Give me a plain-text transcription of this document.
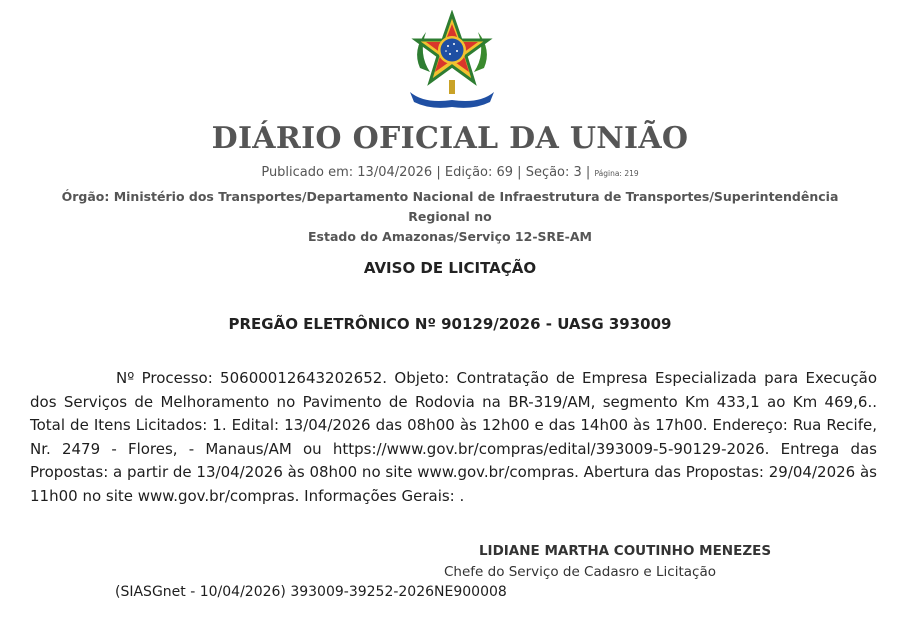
DIÁRIO OFICIAL DA UNIÃO
Publicado em: 13/04/2026 | Edição: 69 | Seção: 3 | Página: 219
Órgão: Ministério dos Transportes/Departamento Nacional de Infraestrutura de Transportes/Superintendência Regional no
Estado do Amazonas/Serviço 12-SRE-AM
AVISO DE LICITAÇÃO
PREGÃO ELETRÔNICO Nº 90129/2026 - UASG 393009
Nº Processo: 50600012643202652. Objeto: Contratação de Empresa Especializada para Execução dos Serviços de Melhoramento no Pavimento de Rodovia na BR-319/AM, segmento Km 433,1 ao Km 469,6.. Total de Itens Licitados: 1. Edital: 13/04/2026 das 08h00 às 12h00 e das 14h00 às 17h00. Endereço: Rua Recife, Nr. 2479 - Flores, - Manaus/AM ou https://www.gov.br/compras/edital/393009-5-90129-2026. Entrega das Propostas: a partir de 13/04/2026 às 08h00 no site www.gov.br/compras. Abertura das Propostas: 29/04/2026 às 11h00 no site www.gov.br/compras. Informações Gerais: .
LIDIANE MARTHA COUTINHO MENEZES
Chefe do Serviço de Cadasro e Licitação
(SIASGnet - 10/04/2026) 393009-39252-2026NE900008
